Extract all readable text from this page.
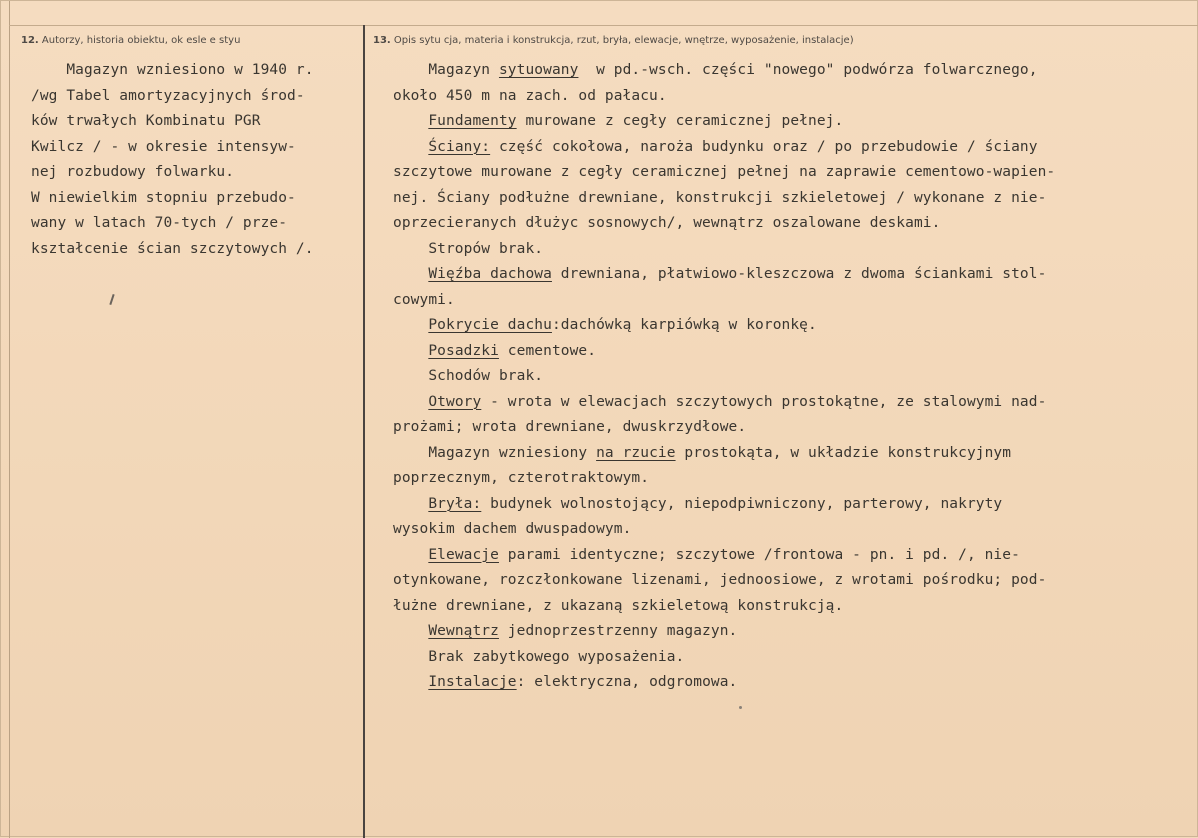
12. Autorzy, historia obiektu, ok esle e styu	13. Opis sytu cja, materia i konstrukcja, rzut, bryła, elewacje, wnętrze, wyposażenie, instalacje)
Magazyn wzniesiono w 1940 r.
/wg Tabel amortyzacyjnych środ-
ków trwałych Kombinatu PGR
Kwilcz / - w okresie intensyw-
nej rozbudowy folwarku.
W niewielkim stopniu przebudo-
wany w latach 70-tych / prze-
kształcenie ścian szczytowych /.
Magazyn sytuowany  w pd.-wsch. części "nowego" podwórza folwarcznego,
około 450 m na zach. od pałacu.
Fundamenty murowane z cegły ceramicznej pełnej.
Ściany: część cokołowa, naroża budynku oraz / po przebudowie / ściany
szczytowe murowane z cegły ceramicznej pełnej na zaprawie cementowo-wapien-
nej. Ściany podłużne drewniane, konstrukcji szkieletowej / wykonane z nie-
oprzecieranych dłużyc sosnowych/, wewnątrz oszalowane deskami.
Stropów brak.
Więźba dachowa drewniana, płatwiowo-kleszczowa z dwoma ściankami stol-
cowymi.
Pokrycie dachu:dachówką karpiówką w koronkę.
Posadzki cementowe.
Schodów brak.
Otwory - wrota w elewacjach szczytowych prostokątne, ze stalowymi nad-
prożami; wrota drewniane, dwuskrzydłowe.
Magazyn wzniesiony na rzucie prostokąta, w układzie konstrukcyjnym
poprzecznym, czterotraktowym.
Bryła: budynek wolnostojący, niepodpiwniczony, parterowy, nakryty
wysokim dachem dwuspadowym.
Elewacje parami identyczne; szczytowe /frontowa - pn. i pd. /, nie-
otynkowane, rozczłonkowane lizenami, jednoosiowe, z wrotami pośrodku; pod-
łużne drewniane, z ukazaną szkieletową konstrukcją.
Wewnątrz jednoprzestrzenny magazyn.
Brak zabytkowego wyposażenia.
Instalacje: elektryczna, odgromowa.
